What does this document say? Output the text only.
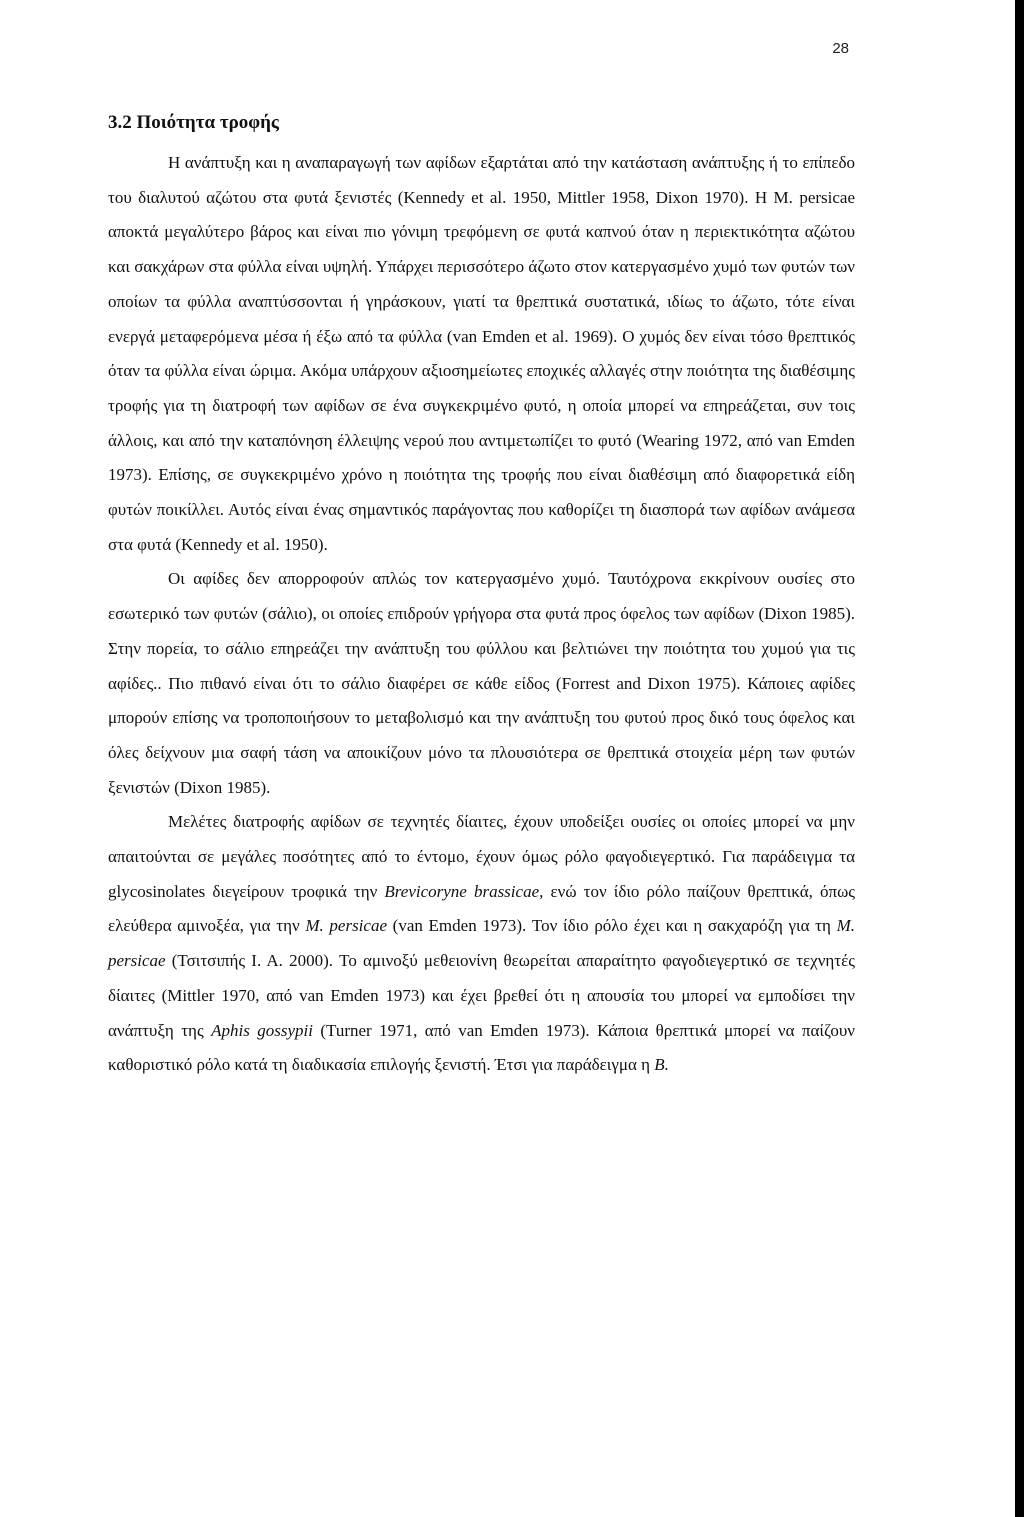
28
3.2 Ποιότητα τροφής

Η ανάπτυξη και η αναπαραγωγή των αφίδων εξαρτάται από την κατάσταση ανάπτυξης ή το επίπεδο του διαλυτού αζώτου στα φυτά ξενιστές (Kennedy et al. 1950, Mittler 1958, Dixon 1970). Η M. persicae αποκτά μεγαλύτερο βάρος και είναι πιο γόνιμη τρεφόμενη σε φυτά καπνού όταν η περιεκτικότητα αζώτου και σακχάρων στα φύλλα είναι υψηλή. Υπάρχει περισσότερο άζωτο στον κατεργασμένο χυμό των φυτών των οποίων τα φύλλα αναπτύσσονται ή γηράσκουν, γιατί τα θρεπτικά συστατικά, ιδίως το άζωτο, τότε είναι ενεργά μεταφερόμενα μέσα ή έξω από τα φύλλα (van Emden et al. 1969). Ο χυμός δεν είναι τόσο θρεπτικός όταν τα φύλλα είναι ώριμα. Ακόμα υπάρχουν αξιοσημείωτες εποχικές αλλαγές στην ποιότητα της διαθέσιμης τροφής για τη διατροφή των αφίδων σε ένα συγκεκριμένο φυτό, η οποία μπορεί να επηρεάζεται, συν τοις άλλοις, και από την καταπόνηση έλλειψης νερού που αντιμετωπίζει το φυτό (Wearing 1972, από van Emden 1973). Επίσης, σε συγκεκριμένο χρόνο η ποιότητα της τροφής που είναι διαθέσιμη από διαφορετικά είδη φυτών ποικίλλει. Αυτός είναι ένας σημαντικός παράγοντας που καθορίζει τη διασπορά των αφίδων ανάμεσα στα φυτά (Kennedy et al. 1950).

Οι αφίδες δεν απορροφούν απλώς τον κατεργασμένο χυμό. Ταυτόχρονα εκκρίνουν ουσίες στο εσωτερικό των φυτών (σάλιο), οι οποίες επιδρούν γρήγορα στα φυτά προς όφελος των αφίδων (Dixon 1985). Στην πορεία, το σάλιο επηρεάζει την ανάπτυξη του φύλλου και βελτιώνει την ποιότητα του χυμού για τις αφίδες.. Πιο πιθανό είναι ότι το σάλιο διαφέρει σε κάθε είδος (Forrest and Dixon 1975). Κάποιες αφίδες μπορούν επίσης να τροποποιήσουν το μεταβολισμό και την ανάπτυξη του φυτού προς δικό τους όφελος και όλες δείχνουν μια σαφή τάση να αποικίζουν μόνο τα πλουσιότερα σε θρεπτικά στοιχεία μέρη των φυτών ξενιστών (Dixon 1985).

Μελέτες διατροφής αφίδων σε τεχνητές δίαιτες, έχουν υποδείξει ουσίες οι οποίες μπορεί να μην απαιτούνται σε μεγάλες ποσότητες από το έντομο, έχουν όμως ρόλο φαγοδιεγερτικό. Για παράδειγμα τα glycosinolates διεγείρουν τροφικά την Brevicoryne brassicae, ενώ τον ίδιο ρόλο παίζουν θρεπτικά, όπως ελεύθερα αμινοξέα, για την M. persicae (van Emden 1973). Τον ίδιο ρόλο έχει και η σακχαρόζη για τη M. persicae (Τσιτσιπής Ι. Α. 2000). Το αμινοξύ μεθειονίνη θεωρείται απαραίτητο φαγοδιεγερτικό σε τεχνητές δίαιτες (Mittler 1970, από van Emden 1973) και έχει βρεθεί ότι η απουσία του μπορεί να εμποδίσει την ανάπτυξη της Aphis gossypii (Turner 1971, από van Emden 1973). Κάποια θρεπτικά μπορεί να παίζουν καθοριστικό ρόλο κατά τη διαδικασία επιλογής ξενιστή. Έτσι για παράδειγμα η B.
